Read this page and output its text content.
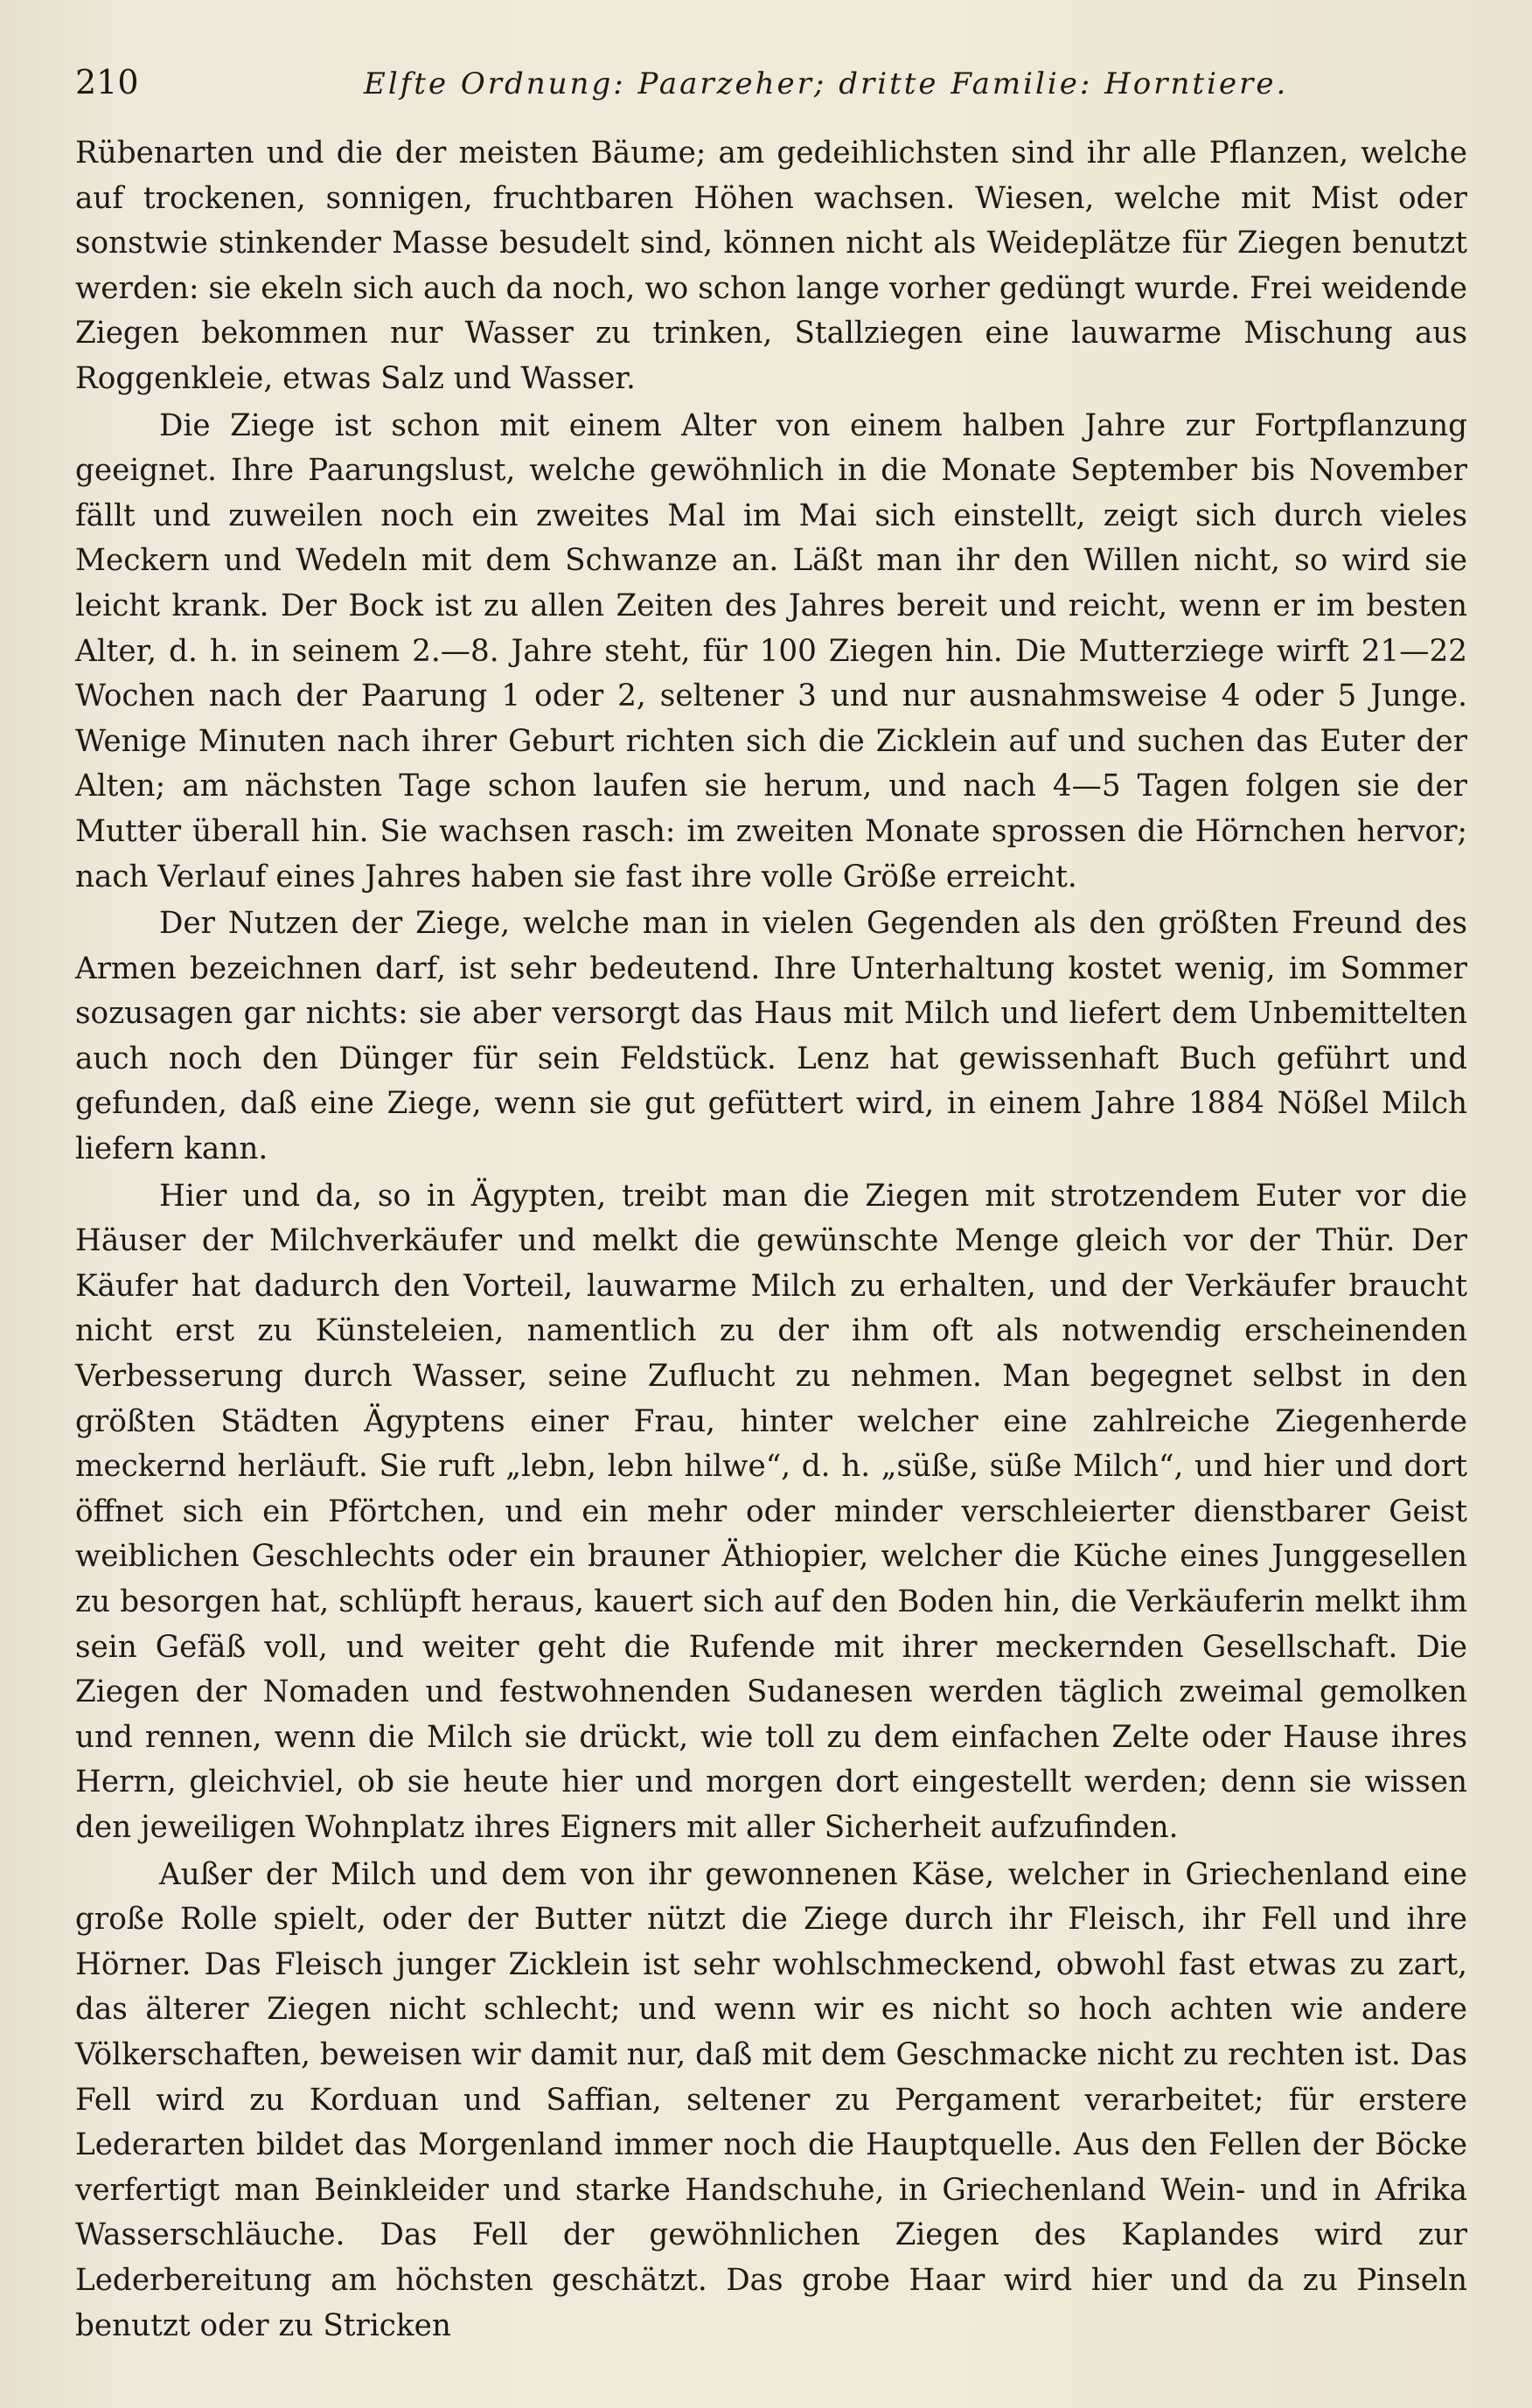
210	Elfte Ordnung: Paarzeher; dritte Familie: Horntiere.

Rübenarten und die der meisten Bäume; am gedeihlichsten sind ihr alle Pflanzen, welche auf trockenen, sonnigen, fruchtbaren Höhen wachsen. Wiesen, welche mit Mist oder sonstwie stinkender Masse besudelt sind, können nicht als Weideplätze für Ziegen benutzt werden: sie ekeln sich auch da noch, wo schon lange vorher gedüngt wurde. Frei weidende Ziegen bekommen nur Wasser zu trinken, Stallziegen eine lauwarme Mischung aus Roggenkleie, etwas Salz und Wasser.

Die Ziege ist schon mit einem Alter von einem halben Jahre zur Fortpflanzung geeignet. Ihre Paarungslust, welche gewöhnlich in die Monate September bis November fällt und zuweilen noch ein zweites Mal im Mai sich einstellt, zeigt sich durch vieles Meckern und Wedeln mit dem Schwanze an. Läßt man ihr den Willen nicht, so wird sie leicht krank. Der Bock ist zu allen Zeiten des Jahres bereit und reicht, wenn er im besten Alter, d. h. in seinem 2.—8. Jahre steht, für 100 Ziegen hin. Die Mutterziege wirft 21—22 Wochen nach der Paarung 1 oder 2, seltener 3 und nur ausnahmsweise 4 oder 5 Junge. Wenige Minuten nach ihrer Geburt richten sich die Zicklein auf und suchen das Euter der Alten; am nächsten Tage schon laufen sie herum, und nach 4—5 Tagen folgen sie der Mutter überall hin. Sie wachsen rasch: im zweiten Monate sprossen die Hörnchen hervor; nach Verlauf eines Jahres haben sie fast ihre volle Größe erreicht.

Der Nutzen der Ziege, welche man in vielen Gegenden als den größten Freund des Armen bezeichnen darf, ist sehr bedeutend. Ihre Unterhaltung kostet wenig, im Sommer sozusagen gar nichts: sie aber versorgt das Haus mit Milch und liefert dem Unbemittelten auch noch den Dünger für sein Feldstück. Lenz hat gewissenhaft Buch geführt und gefunden, daß eine Ziege, wenn sie gut gefüttert wird, in einem Jahre 1884 Nößel Milch liefern kann.

Hier und da, so in Ägypten, treibt man die Ziegen mit strotzendem Euter vor die Häuser der Milchverkäufer und melkt die gewünschte Menge gleich vor der Thür. Der Käufer hat dadurch den Vorteil, lauwarme Milch zu erhalten, und der Verkäufer braucht nicht erst zu Künsteleien, namentlich zu der ihm oft als notwendig erscheinenden Verbesserung durch Wasser, seine Zuflucht zu nehmen. Man begegnet selbst in den größten Städten Ägyptens einer Frau, hinter welcher eine zahlreiche Ziegenherde meckernd herläuft. Sie ruft „lebn, lebn hilwe“, d. h. „süße, süße Milch“, und hier und dort öffnet sich ein Pförtchen, und ein mehr oder minder verschleierter dienstbarer Geist weiblichen Geschlechts oder ein brauner Äthiopier, welcher die Küche eines Junggesellen zu besorgen hat, schlüpft heraus, kauert sich auf den Boden hin, die Verkäuferin melkt ihm sein Gefäß voll, und weiter geht die Rufende mit ihrer meckernden Gesellschaft. Die Ziegen der Nomaden und festwohnenden Sudanesen werden täglich zweimal gemolken und rennen, wenn die Milch sie drückt, wie toll zu dem einfachen Zelte oder Hause ihres Herrn, gleichviel, ob sie heute hier und morgen dort eingestellt werden; denn sie wissen den jeweiligen Wohnplatz ihres Eigners mit aller Sicherheit aufzufinden.

Außer der Milch und dem von ihr gewonnenen Käse, welcher in Griechenland eine große Rolle spielt, oder der Butter nützt die Ziege durch ihr Fleisch, ihr Fell und ihre Hörner. Das Fleisch junger Zicklein ist sehr wohlschmeckend, obwohl fast etwas zu zart, das älterer Ziegen nicht schlecht; und wenn wir es nicht so hoch achten wie andere Völkerschaften, beweisen wir damit nur, daß mit dem Geschmacke nicht zu rechten ist. Das Fell wird zu Korduan und Saffian, seltener zu Pergament verarbeitet; für erstere Lederarten bildet das Morgenland immer noch die Hauptquelle. Aus den Fellen der Böcke verfertigt man Beinkleider und starke Handschuhe, in Griechenland Wein- und in Afrika Wasserschläuche. Das Fell der gewöhnlichen Ziegen des Kaplandes wird zur Lederbereitung am höchsten geschätzt. Das grobe Haar wird hier und da zu Pinseln benutzt oder zu Stricken
